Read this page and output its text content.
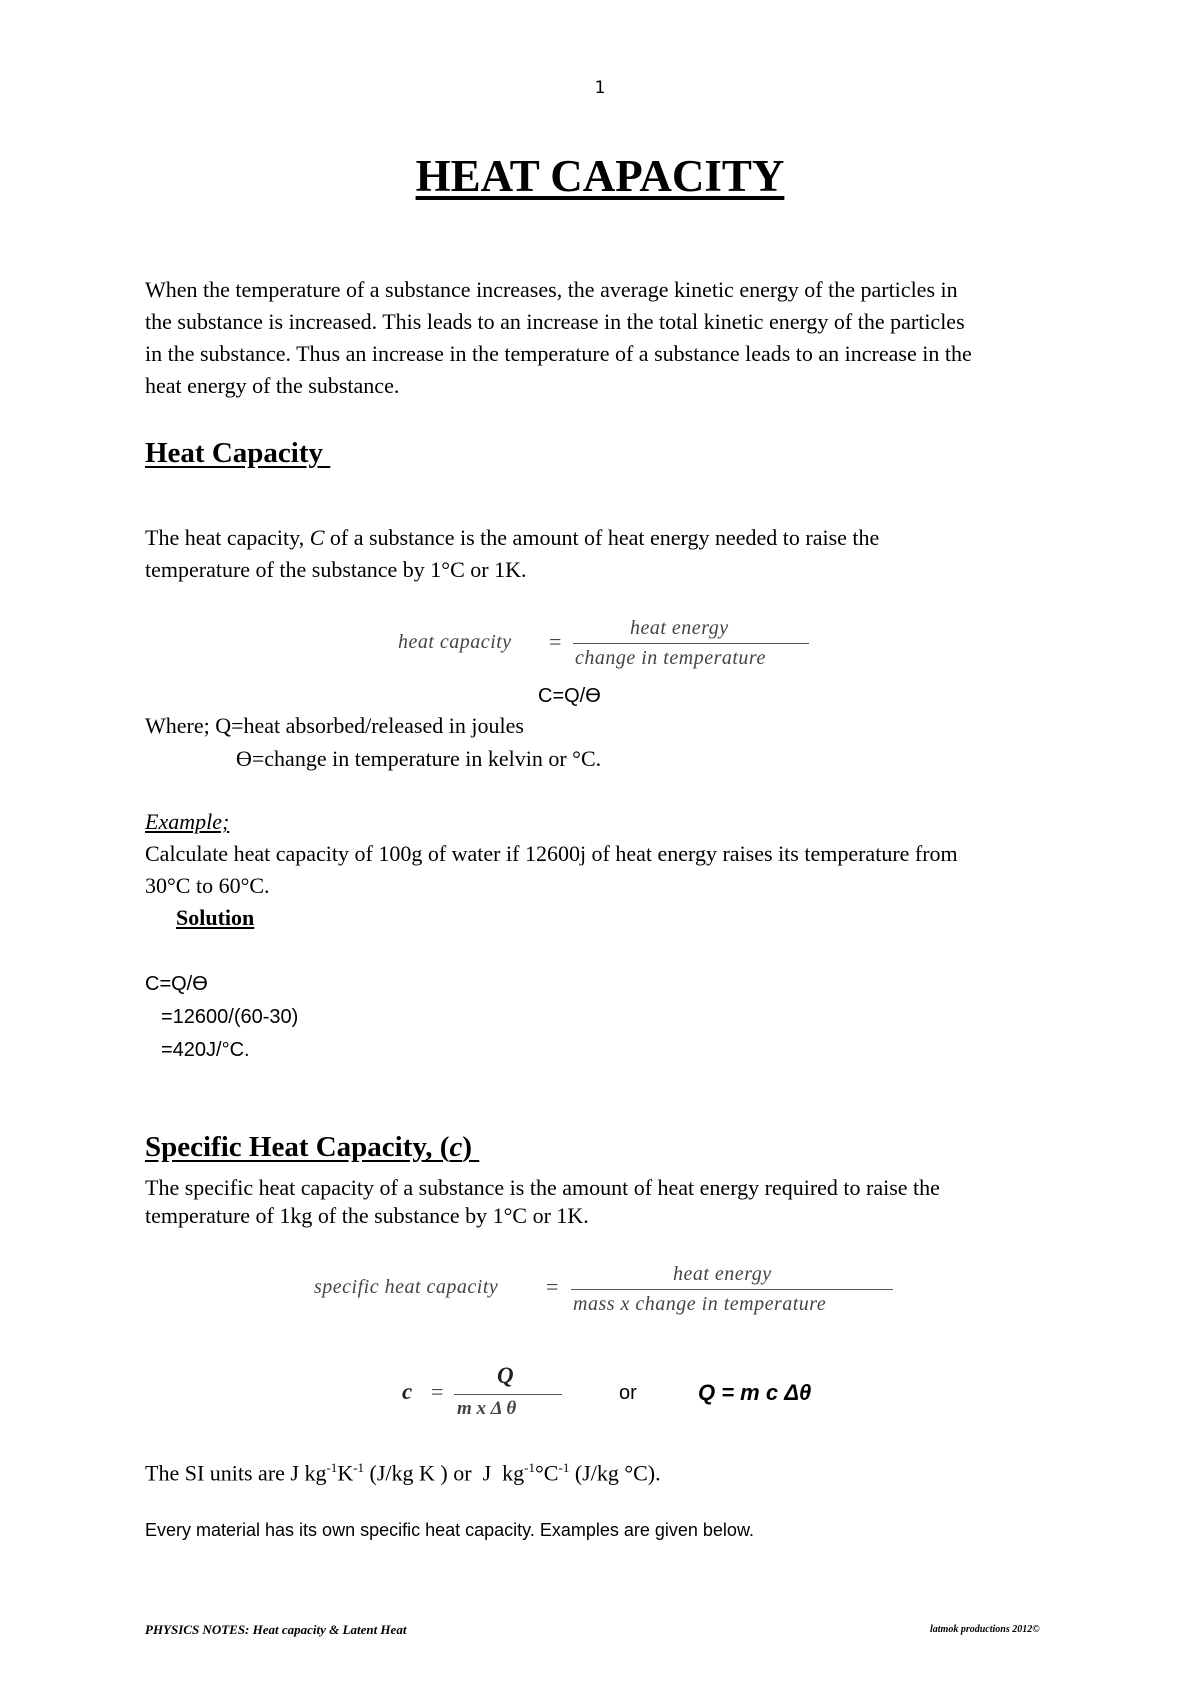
1
HEAT CAPACITY
When the temperature of a substance increases, the average kinetic energy of the particles in
the substance is increased. This leads to an increase in the total kinetic energy of the particles
in the substance. Thus an increase in the temperature of a substance leads to an increase in the
heat energy of the substance.
Heat Capacity
The heat capacity, C of a substance is the amount of heat energy needed to raise the
temperature of the substance by 1°C or 1K.
heat capacity =
heat energy
change in temperature
C=Q/ϴ
Where; Q=heat absorbed/released in joules
ϴ=change in temperature in kelvin or °C.
Example;
Calculate heat capacity of 100g of water if 12600j of heat energy raises its temperature from
30°C to 60°C.
Solution
C=Q/ϴ
=12600/(60-30)
=420J/°C.
Specific Heat Capacity, (c)
The specific heat capacity of a substance is the amount of heat energy required to raise the
temperature of 1kg of the substance by 1°C or 1K.
specific heat capacity =	heat energy
mass x change in temperature
c =
Q
m x Δ θ
or	Q = m c Δθ
The SI units are J $kg^{-1}K^{-1}$ (J/kg K ) or  J  $kg^{-1}^\circ C^{-1}$ (J/kg °C).
Every material has its own specific heat capacity. Examples are given below.
PHYSICS NOTES: Heat capacity & Latent Heat	latmok productions 2012©
